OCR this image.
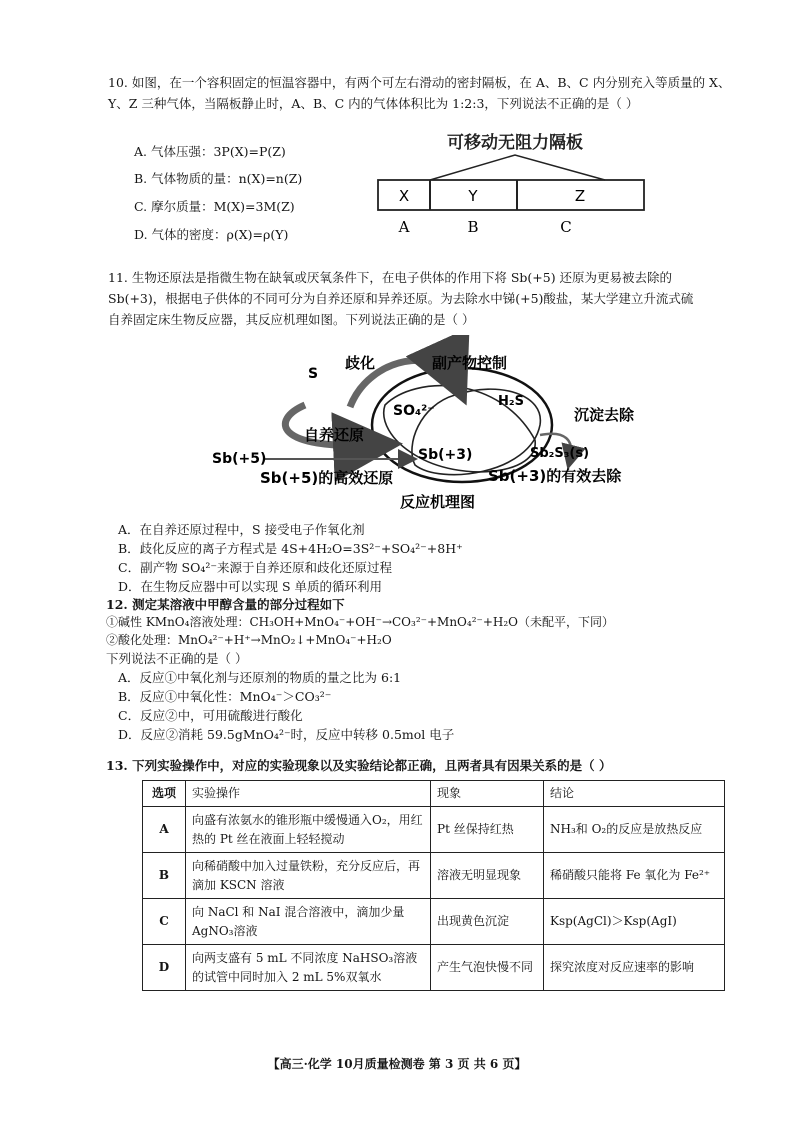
10. 如图，在一个容积固定的恒温容器中，有两个可左右滑动的密封隔板，在 A、B、C 内分别充入等质量的 X、
Y、Z 三种气体，当隔板静止时，A、B、C 内的气体体积比为 1:2:3，下列说法不正确的是（ ）
A. 气体压强：3P(X)=P(Z)
B. 气体物质的量：n(X)=n(Z)
C. 摩尔质量：M(X)=3M(Z)
D. 气体的密度：ρ(X)=ρ(Y)
可移动无阻力隔板
X	Y	Z
A	B	C
11. 生物还原法是指微生物在缺氧或厌氧条件下，在电子供体的作用下将 Sb(+5) 还原为更易被去除的
Sb(+3)，根据电子供体的不同可分为自养还原和异养还原。为去除水中锑(+5)酸盐，某大学建立升流式硫
自养固定床生物反应器，其反应机理如图。下列说法正确的是（ ）
S
歧化	副产物控制
SO₄²⁻
H₂S
沉淀去除
Sb₂S₃(s)
自养还原
Sb(+5)	Sb(+3)
Sb(+5)的高效还原	Sb(+3)的有效去除
反应机理图
A．在自养还原过程中，S 接受电子作氧化剂
B．歧化反应的离子方程式是 4S+4H₂O=3S²⁻+SO₄²⁻+8H⁺
C．副产物 SO₄²⁻来源于自养还原和歧化还原过程
D．在生物反应器中可以实现 S 单质的循环利用
12. 测定某溶液中甲醇含量的部分过程如下
①碱性 KMnO₄溶液处理：CH₃OH+MnO₄⁻+OH⁻→CO₃²⁻+MnO₄²⁻+H₂O（未配平，下同）
②酸化处理：MnO₄²⁻+H⁺→MnO₂↓+MnO₄⁻+H₂O
下列说法不正确的是（ ）
A．反应①中氧化剂与还原剂的物质的量之比为 6:1
B．反应①中氧化性：MnO₄⁻＞CO₃²⁻
C．反应②中，可用硫酸进行酸化
D．反应②消耗 59.5gMnO₄²⁻时，反应中转移 0.5mol 电子
13. 下列实验操作中，对应的实验现象以及实验结论都正确，且两者具有因果关系的是（ ）
选项	实验操作	现象	结论
A	向盛有浓氨水的锥形瓶中缓慢通入O₂，用红热的 Pt 丝在液面上轻轻搅动	Pt 丝保持红热	NH₃和 O₂的反应是放热反应
B	向稀硝酸中加入过量铁粉，充分反应后，再滴加 KSCN 溶液	溶液无明显现象	稀硝酸只能将 Fe 氧化为 Fe²⁺
C	向 NaCl 和 NaI 混合溶液中，滴加少量 AgNO₃溶液	出现黄色沉淀	Ksp(AgCl)＞Ksp(AgI)
D	向两支盛有 5 mL 不同浓度 NaHSO₃溶液的试管中同时加入 2 mL 5%双氧水	产生气泡快慢不同	探究浓度对反应速率的影响
【高三·化学 10月质量检测卷 第 3 页 共 6 页】
